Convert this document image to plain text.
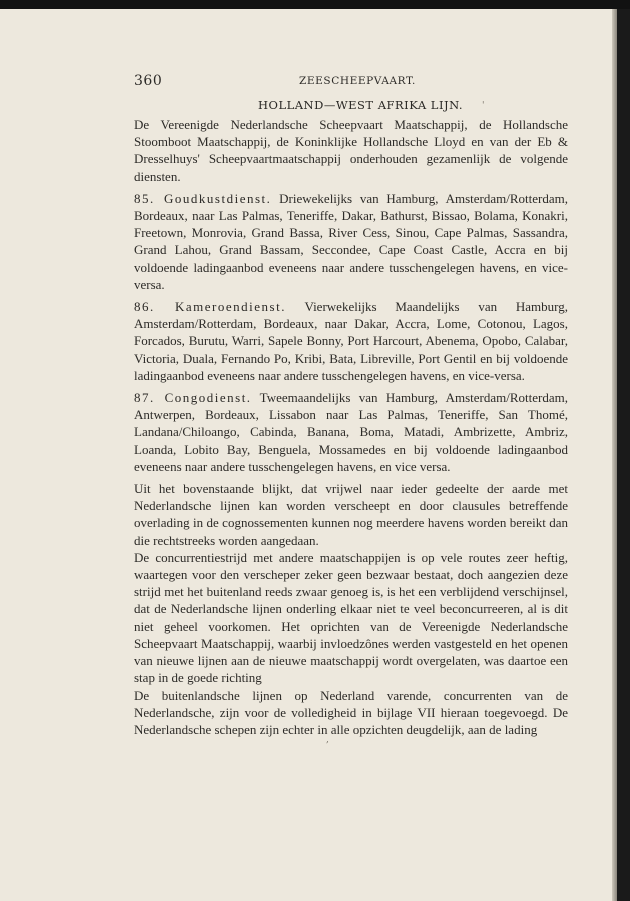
360	ZEESCHEEPVAART.
HOLLAND—WEST AFRIKA LIJN.

De Vereenigde Nederlandsche Scheepvaart Maatschappij, de Hollandsche Stoomboot Maatschappij, de Koninklijke Hollandsche Lloyd en van der Eb & Dresselhuys' Scheepvaartmaatschappij onderhouden gezamenlijk de volgende diensten.

85. Goudkustdienst. Driewekelijks van Hamburg, Amsterdam/Rotterdam, Bordeaux, naar Las Palmas, Teneriffe, Dakar, Bathurst, Bissao, Bolama, Konakri, Freetown, Monrovia, Grand Bassa, River Cess, Sinou, Cape Palmas, Sassandra, Grand Lahou, Grand Bassam, Seccondee, Cape Coast Castle, Accra en bij voldoende ladingaanbod eveneens naar andere tusschengelegen havens, en vice-versa.

86. Kameroendienst. Vierwekelijks Maandelijks van Hamburg, Amsterdam/Rotterdam, Bordeaux, naar Dakar, Accra, Lome, Cotonou, Lagos, Forcados, Burutu, Warri, Sapele Bonny, Port Harcourt, Abenema, Opobo, Calabar, Victoria, Duala, Fernando Po, Kribi, Bata, Libreville, Port Gentil en bij voldoende ladingaanbod eveneens naar andere tusschengelegen havens, en vice-versa.

87. Congodienst. Tweemaandelijks van Hamburg, Amsterdam/Rotterdam, Antwerpen, Bordeaux, Lissabon naar Las Palmas, Teneriffe, San Thomé, Landana/Chiloango, Cabinda, Banana, Boma, Matadi, Ambrizette, Ambriz, Loanda, Lobito Bay, Benguela, Mossamedes en bij voldoende ladingaanbod eveneens naar andere tusschengelegen havens, en vice versa.

Uit het bovenstaande blijkt, dat vrijwel naar ieder gedeelte der aarde met Nederlandsche lijnen kan worden verscheept en door clausules betreffende overlading in de cognossementen kunnen nog meerdere havens worden bereikt dan die rechtstreeks worden aangedaan.

De concurrentiestrijd met andere maatschappijen is op vele routes zeer heftig, waartegen voor den verscheper zeker geen bezwaar bestaat, doch aangezien deze strijd met het buitenland reeds zwaar genoeg is, is het een verblijdend verschijnsel, dat de Nederlandsche lijnen onderling elkaar niet te veel beconcurreeren, al is dit niet geheel voorkomen. Het oprichten van de Vereenigde Nederlandsche Scheepvaart Maatschappij, waarbij invloedzônes werden vastgesteld en het openen van nieuwe lijnen aan de nieuwe maatschappij wordt overgelaten, was daartoe een stap in de goede richting

De buitenlandsche lijnen op Nederland varende, concurrenten van de Nederlandsche, zijn voor de volledigheid in bijlage VII hieraan toegevoegd. De Nederlandsche schepen zijn echter in alle opzichten deugdelijk, aan de lading

'
,
